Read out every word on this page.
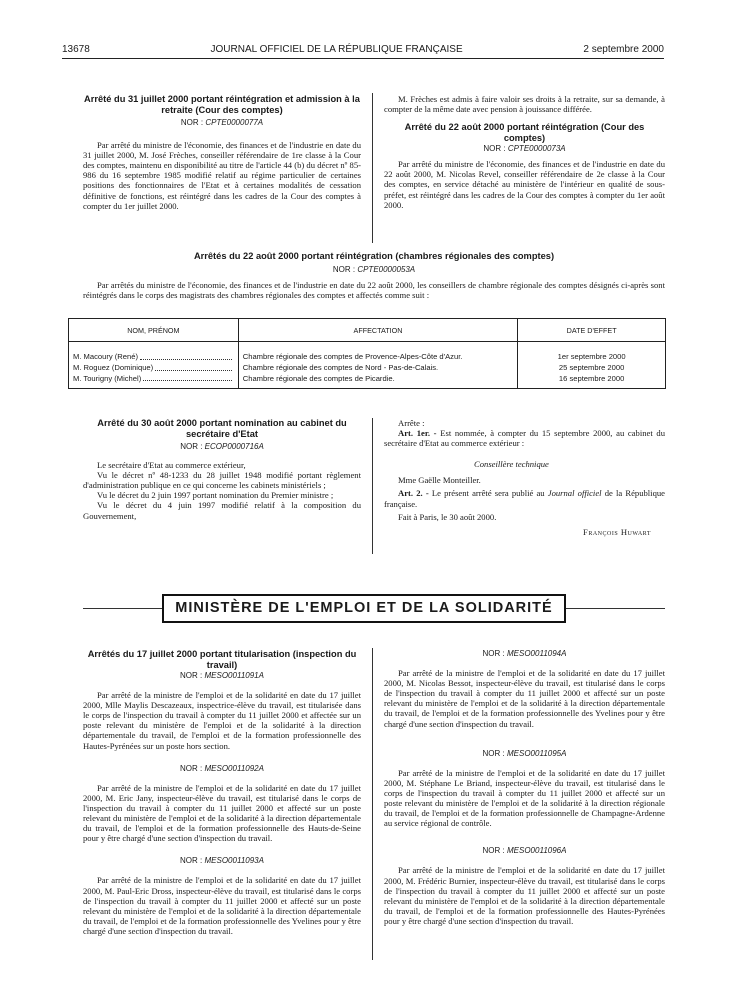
13678	JOURNAL OFFICIEL DE LA RÉPUBLIQUE FRANÇAISE	2 septembre 2000
Arrêté du 31 juillet 2000 portant réintégration et admission à la retraite (Cour des comptes)
NOR : CPTE0000077A

Par arrêté du ministre de l'économie, des finances et de l'industrie en date du 31 juillet 2000, M. José Frèches, conseiller référendaire de 1re classe à la Cour des comptes, maintenu en disponibilité au titre de l'article 44 (b) du décret nº 85-986 du 16 septembre 1985 modifié relatif au régime particulier de certaines positions des fonctionnaires de l'Etat et à certaines modalités de cessation définitive de fonctions, est réintégré dans les cadres de la Cour des comptes à compter du 1er juillet 2000.

M. Frèches est admis à faire valoir ses droits à la retraite, sur sa demande, à compter de la même date avec pension à jouissance différée.

Arrêté du 22 août 2000 portant réintégration (Cour des comptes)
NOR : CPTE0000073A

Par arrêté du ministre de l'économie, des finances et de l'industrie en date du 22 août 2000, M. Nicolas Revel, conseiller référendaire de 2e classe à la Cour des comptes, en service détaché au ministère de l'intérieur en qualité de sous-préfet, est réintégré dans les cadres de la Cour des comptes à compter du 1er août 2000.

Arrêtés du 22 août 2000 portant réintégration (chambres régionales des comptes)
NOR : CPTE0000053A

Par arrêtés du ministre de l'économie, des finances et de l'industrie en date du 22 août 2000, les conseillers de chambre régionale des comptes désignés ci-après sont réintégrés dans le corps des magistrats des chambres régionales des comptes et affectés comme suit :

NOM, PRÉNOM	AFFECTATION	DATE D'EFFET

M. Macoury (René)	Chambre régionale des comptes de Provence-Alpes-Côte d'Azur.	1er septembre 2000

M. Roguez (Dominique)	Chambre régionale des comptes de Nord - Pas-de-Calais.	25 septembre 2000

M. Tourigny (Michel)	Chambre régionale des comptes de Picardie.	16 septembre 2000
Arrêté du 30 août 2000 portant nomination au cabinet du secrétaire d'Etat
NOR : ECOP0000716A

Le secrétaire d'Etat au commerce extérieur,

Vu le décret nº 48-1233 du 28 juillet 1948 modifié portant règlement d'administration publique en ce qui concerne les cabinets ministériels ;

Vu le décret du 2 juin 1997 portant nomination du Premier ministre ;

Vu le décret du 4 juin 1997 modifié relatif à la composition du Gouvernement,

Arrête :

Art. 1er. - Est nommée, à compter du 15 septembre 2000, au cabinet du secrétaire d'Etat au commerce extérieur :

Conseillère technique

Mme Gaëlle Monteiller.

Art. 2. - Le présent arrêté sera publié au Journal officiel de la République française.

Fait à Paris, le 30 août 2000.

François Huwart
MINISTÈRE DE L'EMPLOI ET DE LA SOLIDARITÉ
Arrêtés du 17 juillet 2000 portant titularisation (inspection du travail)
NOR : MESO0011091A

Par arrêté de la ministre de l'emploi et de la solidarité en date du 17 juillet 2000, Mlle Maylis Descazeaux, inspectrice-élève du travail, est titularisée dans le corps de l'inspection du travail à compter du 11 juillet 2000 et affectée sur un poste relevant du ministère de l'emploi et de la solidarité à la direction départementale du travail, de l'emploi et de la formation professionnelle des Hautes-Pyrénées sur un poste hors section.

NOR : MESO0011092A

Par arrêté de la ministre de l'emploi et de la solidarité en date du 17 juillet 2000, M. Eric Jany, inspecteur-élève du travail, est titularisé dans le corps de l'inspection du travail à compter du 11 juillet 2000 et affecté sur un poste relevant du ministère de l'emploi et de la solidarité à la direction départementale du travail, de l'emploi et de la formation professionnelle des Hauts-de-Seine pour y être chargé d'une section d'inspection du travail.

NOR : MESO0011093A

Par arrêté de la ministre de l'emploi et de la solidarité en date du 17 juillet 2000, M. Paul-Eric Dross, inspecteur-élève du travail, est titularisé dans le corps de l'inspection du travail à compter du 11 juillet 2000 et affecté sur un poste relevant du ministère de l'emploi et de la solidarité à la direction départementale du travail, de l'emploi et de la formation professionnelle des Yvelines pour y être chargé d'une section d'inspection du travail.

NOR : MESO0011094A

Par arrêté de la ministre de l'emploi et de la solidarité en date du 17 juillet 2000, M. Nicolas Bessot, inspecteur-élève du travail, est titularisé dans le corps de l'inspection du travail à compter du 11 juillet 2000 et affecté sur un poste relevant du ministère de l'emploi et de la solidarité à la direction départementale du travail, de l'emploi et de la formation professionnelle des Yvelines pour y être chargé d'une section d'inspection du travail.

NOR : MESO0011095A

Par arrêté de la ministre de l'emploi et de la solidarité en date du 17 juillet 2000, M. Stéphane Le Briand, inspecteur-élève du travail, est titularisé dans le corps de l'inspection du travail à compter du 11 juillet 2000 et affecté sur un poste relevant du ministère de l'emploi et de la solidarité à la direction régionale du travail, de l'emploi et de la formation professionnelle de Champagne-Ardenne au service régional de contrôle.

NOR : MESO0011096A

Par arrêté de la ministre de l'emploi et de la solidarité en date du 17 juillet 2000, M. Frédéric Burnier, inspecteur-élève du travail, est titularisé dans le corps de l'inspection du travail à compter du 11 juillet 2000 et affecté sur un poste relevant du ministère de l'emploi et de la solidarité à la direction départementale du travail, de l'emploi et de la formation professionnelle des Hautes-Pyrénées pour y être chargé d'une section d'inspection du travail.
